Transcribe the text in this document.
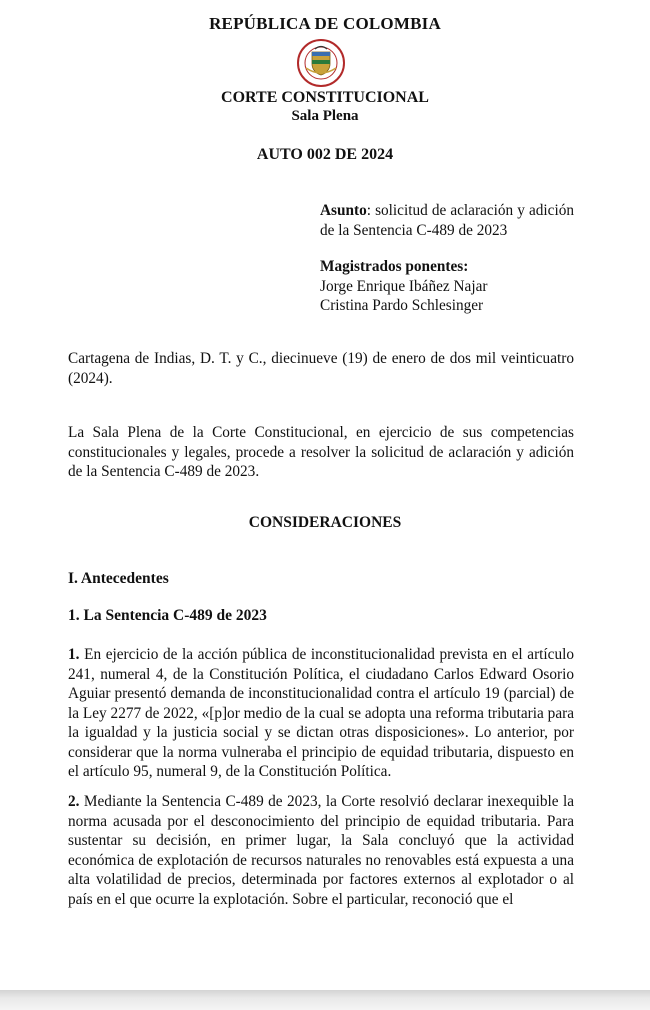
REPÚBLICA DE COLOMBIA
CORTE CONSTITUCIONAL
Sala Plena
AUTO 002 DE 2024
Asunto: solicitud de aclaración y adición de la Sentencia C-489 de 2023
Magistrados ponentes:
Jorge Enrique Ibáñez Najar
Cristina Pardo Schlesinger
Cartagena de Indias, D. T. y C., diecinueve (19) de enero de dos mil veinticuatro (2024).
La Sala Plena de la Corte Constitucional, en ejercicio de sus competencias constitucionales y legales, procede a resolver la solicitud de aclaración y adición de la Sentencia C-489 de 2023.
CONSIDERACIONES
I. Antecedentes
1. La Sentencia C-489 de 2023
1. En ejercicio de la acción pública de inconstitucionalidad prevista en el artículo 241, numeral 4, de la Constitución Política, el ciudadano Carlos Edward Osorio Aguiar presentó demanda de inconstitucionalidad contra el artículo 19 (parcial) de la Ley 2277 de 2022, «[p]or medio de la cual se adopta una reforma tributaria para la igualdad y la justicia social y se dictan otras disposiciones». Lo anterior, por considerar que la norma vulneraba el principio de equidad tributaria, dispuesto en el artículo 95, numeral 9, de la Constitución Política.
2. Mediante la Sentencia C-489 de 2023, la Corte resolvió declarar inexequible la norma acusada por el desconocimiento del principio de equidad tributaria. Para sustentar su decisión, en primer lugar, la Sala concluyó que la actividad económica de explotación de recursos naturales no renovables está expuesta a una alta volatilidad de precios, determinada por factores externos al explotador o al país en el que ocurre la explotación. Sobre el particular, reconoció que el
